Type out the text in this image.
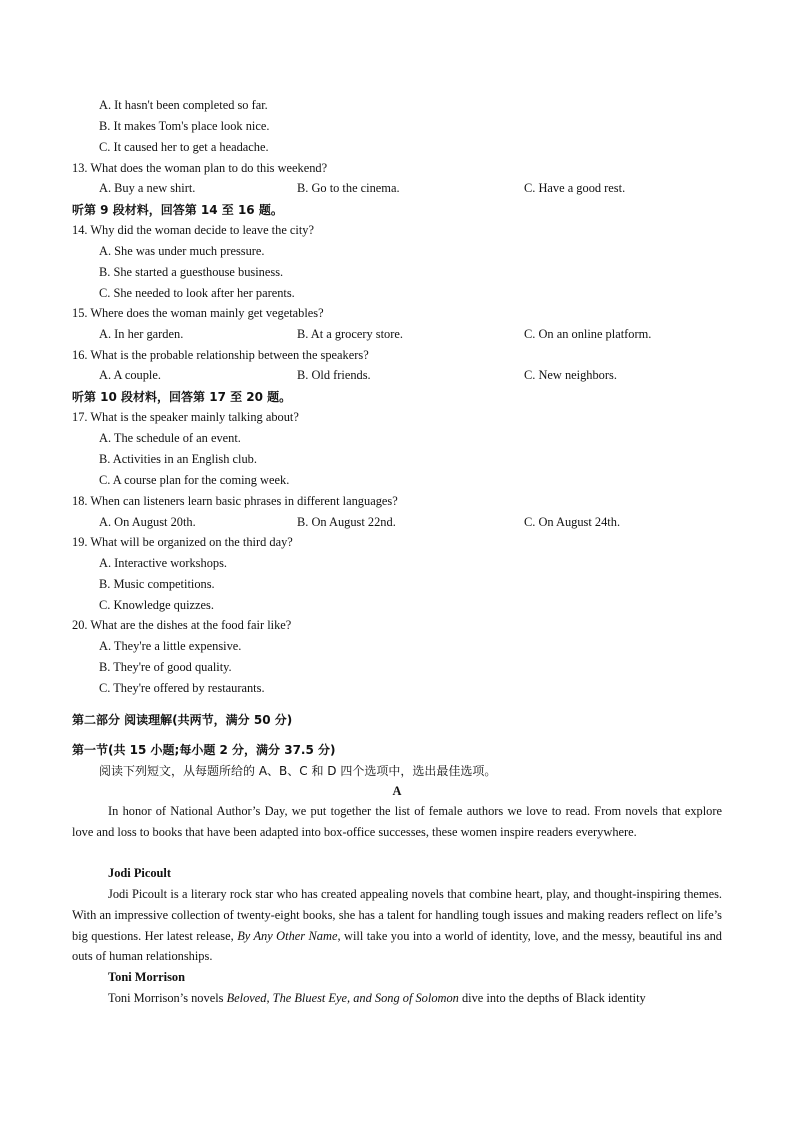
A. It hasn't been completed so far.
B. It makes Tom's place look nice.
C. It caused her to get a headache.
13. What does the woman plan to do this weekend?
A. Buy a new shirt.	B. Go to the cinema.	C. Have a good rest.
听第 9 段材料，回答第 14 至 16 题。
14. Why did the woman decide to leave the city?
A. She was under much pressure.
B. She started a guesthouse business.
C. She needed to look after her parents.
15. Where does the woman mainly get vegetables?
A. In her garden.	B. At a grocery store.	C. On an online platform.
16. What is the probable relationship between the speakers?
A. A couple.	B. Old friends.	C. New neighbors.
听第 10 段材料，回答第 17 至 20 题。
17. What is the speaker mainly talking about?
A. The schedule of an event.
B. Activities in an English club.
C. A course plan for the coming week.
18. When can listeners learn basic phrases in different languages?
A. On August 20th.	B. On August 22nd.	C. On August 24th.
19. What will be organized on the third day?
A. Interactive workshops.
B. Music competitions.
C. Knowledge quizzes.
20. What are the dishes at the food fair like?
A. They're a little expensive.
B. They're of good quality.
C. They're offered by restaurants.
第二部分 阅读理解(共两节，满分 50 分)
第一节(共 15 小题;每小题 2 分，满分 37.5 分)
阅读下列短文，从每题所给的 A、B、C 和 D 四个选项中，选出最佳选项。
A
In honor of National Author’s Day, we put together the list of female authors we love to read. From novels that explore love and loss to books that have been adapted into box-office successes, these women inspire readers everywhere.
Jodi Picoult
Jodi Picoult is a literary rock star who has created appealing novels that combine heart, play, and thought-inspiring themes. With an impressive collection of twenty-eight books, she has a talent for handling tough issues and making readers reflect on life’s big questions. Her latest release, By Any Other Name, will take you into a world of identity, love, and the messy, beautiful ins and outs of human relationships.
Toni Morrison
Toni Morrison’s novels Beloved, The Bluest Eye, and Song of Solomon dive into the depths of Black identity
